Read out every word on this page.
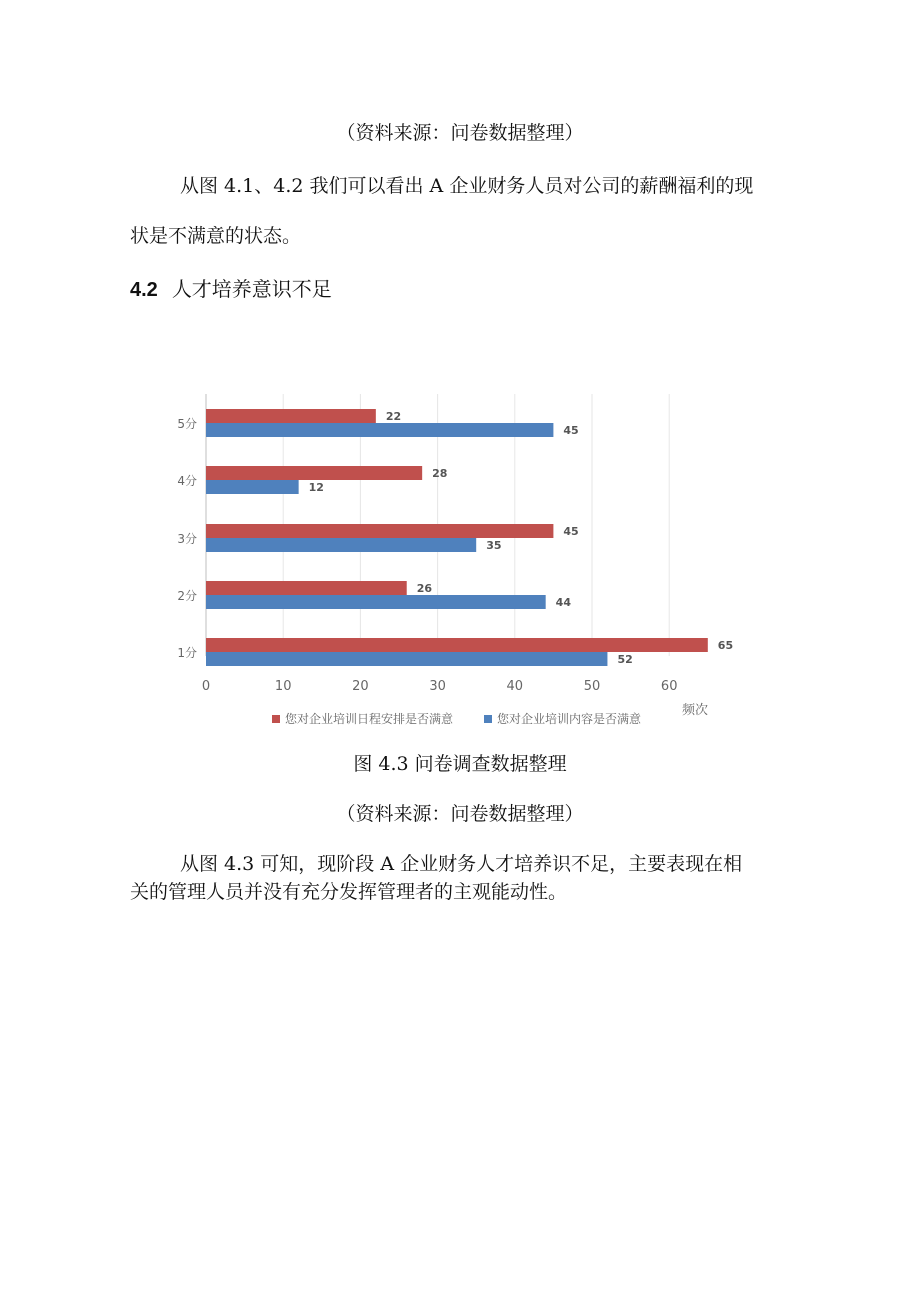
（资料来源：问卷数据整理）
从图 4.1、4.2 我们可以看出 A 企业财务人员对公司的薪酬福利的现
状是不满意的状态。
4.2 人才培养意识不足
0	10	20	30	40	50	60
1分
2分
3分
4分
5分
65
26
45
28
22
52
44
35
12
45
频次
您对企业培训日程安排是否满意	您对企业培训内容是否满意
图 4.3 问卷调查数据整理
（资料来源：问卷数据整理）
从图 4.3 可知，现阶段 A 企业财务人才培养识不足，主要表现在相
关的管理人员并没有充分发挥管理者的主观能动性。
